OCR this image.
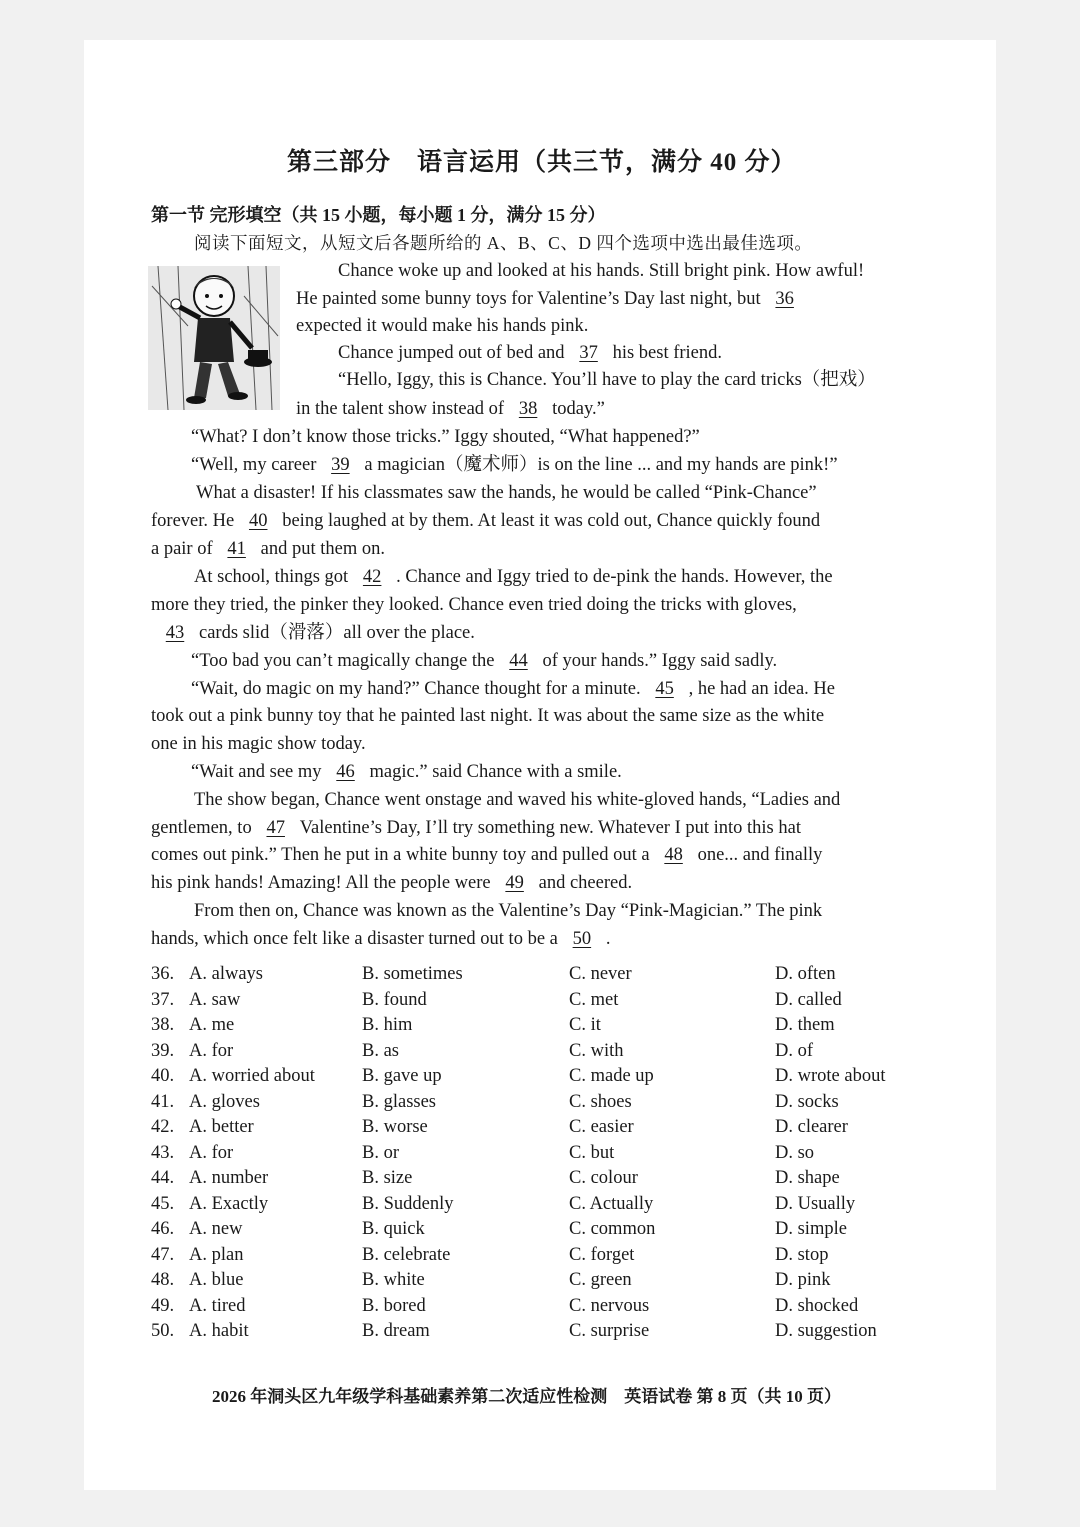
第三部分　语言运用（共三节，满分 40 分）
第一节 完形填空（共 15 小题，每小题 1 分，满分 15 分）
阅读下面短文，从短文后各题所给的 A、B、C、D 四个选项中选出最佳选项。
Chance woke up and looked at his hands. Still bright pink. How awful!
He painted some bunny toys for Valentine’s Day last night, but 36
expected it would make his hands pink.
Chance jumped out of bed and 37 his best friend.
“Hello, Iggy, this is Chance. You’ll have to play the card tricks（把戏）
in the talent show instead of 38 today.”
“What? I don’t know those tricks.” Iggy shouted, “What happened?”
“Well, my career 39 a magician（魔术师）is on the line ... and my hands are pink!”
What a disaster! If his classmates saw the hands, he would be called “Pink-Chance”
forever. He 40 being laughed at by them. At least it was cold out, Chance quickly found
a pair of 41 and put them on.
At school, things got 42 . Chance and Iggy tried to de-pink the hands. However, the
more they tried, the pinker they looked. Chance even tried doing the tricks with gloves,
43 cards slid（滑落）all over the place.
“Too bad you can’t magically change the 44 of your hands.” Iggy said sadly.
“Wait, do magic on my hand?” Chance thought for a minute. 45 , he had an idea. He
took out a pink bunny toy that he painted last night. It was about the same size as the white
one in his magic show today.
“Wait and see my 46 magic.” said Chance with a smile.
The show began, Chance went onstage and waved his white-gloved hands, “Ladies and
gentlemen, to 47 Valentine’s Day, I’ll try something new. Whatever I put into this hat
comes out pink.” Then he put in a white bunny toy and pulled out a 48 one... and finally
his pink hands! Amazing! All the people were 49 and cheered.
From then on, Chance was known as the Valentine’s Day “Pink-Magician.” The pink
hands, which once felt like a disaster turned out to be a 50 .
36. A. always	B. sometimes	C. never	D. often
37. A. saw	B. found	C. met	D. called
38. A. me	B. him	C. it	D. them
39. A. for	B. as	C. with	D. of
40. A. worried about	B. gave up	C. made up	D. wrote about
41. A. gloves	B. glasses	C. shoes	D. socks
42. A. better	B. worse	C. easier	D. clearer
43. A. for	B. or	C. but	D. so
44. A. number	B. size	C. colour	D. shape
45. A. Exactly	B. Suddenly	C. Actually	D. Usually
46. A. new	B. quick	C. common	D. simple
47. A. plan	B. celebrate	C. forget	D. stop
48. A. blue	B. white	C. green	D. pink
49. A. tired	B. bored	C. nervous	D. shocked
50. A. habit	B. dream	C. surprise	D. suggestion
2026 年洞头区九年级学科基础素养第二次适应性检测　英语试卷 第 8 页（共 10 页）
